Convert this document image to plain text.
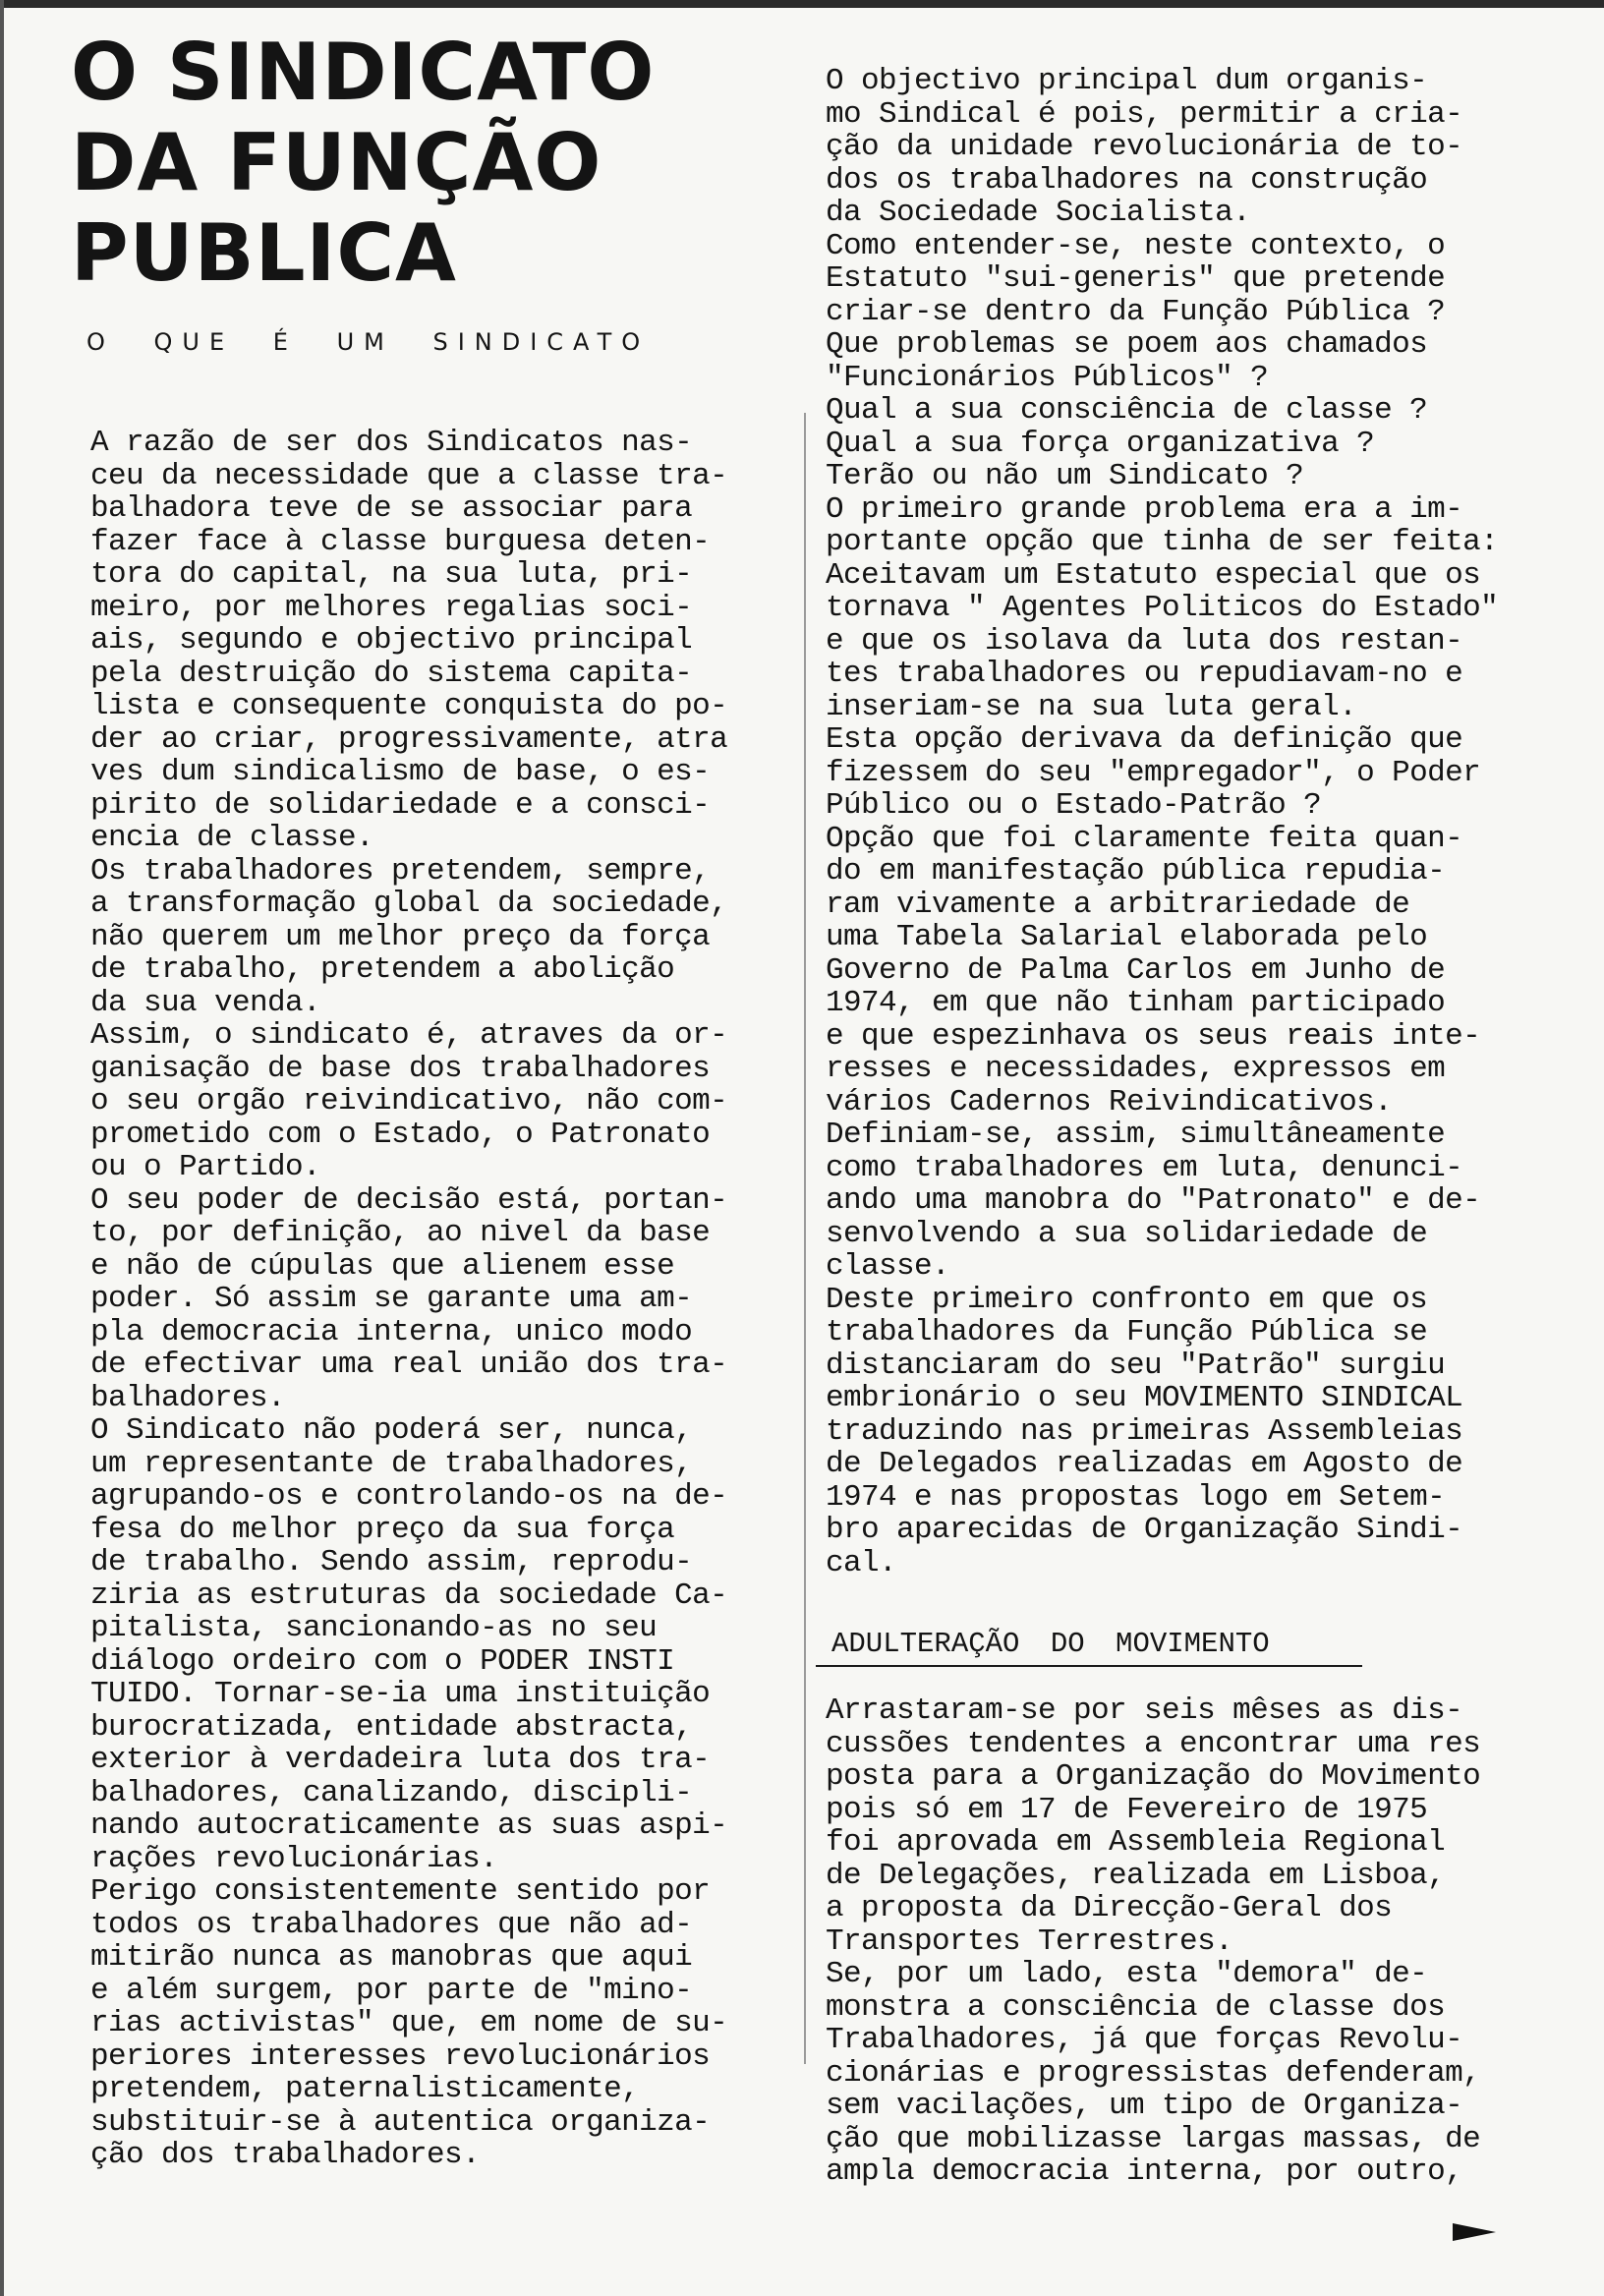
O SINDICATO
DA FUNÇÃO
PUBLICA
O QUE É UM SINDICATO
A razão de ser dos Sindicatos nas-
ceu da necessidade que a classe tra-
balhadora teve de se associar para
fazer face à classe burguesa deten-
tora do capital, na sua luta, pri-
meiro, por melhores regalias soci-
ais, segundo e objectivo principal
pela destruição do sistema capita-
lista e consequente conquista do po-
der ao criar, progressivamente, atra
ves dum sindicalismo de base, o es-
pirito de solidariedade e a consci-
encia de classe.
Os trabalhadores pretendem, sempre,
a transformação global da sociedade,
não querem um melhor preço da força
de trabalho, pretendem a abolição
da sua venda.
Assim, o sindicato é, atraves da or-
ganisação de base dos trabalhadores
o seu orgão reivindicativo, não com-
prometido com o Estado, o Patronato
ou o Partido.
O seu poder de decisão está, portan-
to, por definição, ao nivel da base
e não de cúpulas que alienem esse
poder. Só assim se garante uma am-
pla democracia interna, unico modo
de efectivar uma real união dos tra-
balhadores.
O Sindicato não poderá ser, nunca,
um representante de trabalhadores,
agrupando-os e controlando-os na de-
fesa do melhor preço da sua força
de trabalho. Sendo assim, reprodu-
ziria as estruturas da sociedade Ca-
pitalista, sancionando-as no seu
diálogo ordeiro com o PODER INSTI
TUIDO. Tornar-se-ia uma instituição
burocratizada, entidade abstracta,
exterior à verdadeira luta dos tra-
balhadores, canalizando, discipli-
nando autocraticamente as suas aspi-
rações revolucionárias.
Perigo consistentemente sentido por
todos os trabalhadores que não ad-
mitirão nunca as manobras que aqui
e além surgem, por parte de "mino-
rias activistas" que, em nome de su-
periores interesses revolucionários
pretendem, paternalisticamente,
substituir-se à autentica organiza-
ção dos trabalhadores.
O objectivo principal dum organis-
mo Sindical é pois, permitir a cria-
ção da unidade revolucionária de to-
dos os trabalhadores na construção
da Sociedade Socialista.
Como entender-se, neste contexto, o
Estatuto "sui-generis" que pretende
criar-se dentro da Função Pública ?
Que problemas se poem aos chamados
"Funcionários Públicos" ?
Qual a sua consciência de classe ?
Qual a sua força organizativa ?
Terão ou não um Sindicato ?
O primeiro grande problema era a im-
portante opção que tinha de ser feita:
Aceitavam um Estatuto especial que os
tornava " Agentes Politicos do Estado"
e que os isolava da luta dos restan-
tes trabalhadores ou repudiavam-no e
inseriam-se na sua luta geral.
Esta opção derivava da definição que
fizessem do seu "empregador", o Poder
Público ou o Estado-Patrão ?
Opção que foi claramente feita quan-
do em manifestação pública repudia-
ram vivamente a arbitrariedade de
uma Tabela Salarial elaborada pelo
Governo de Palma Carlos em Junho de
1974, em que não tinham participado
e que espezinhava os seus reais inte-
resses e necessidades, expressos em
vários Cadernos Reivindicativos.
Definiam-se, assim, simultâneamente
como trabalhadores em luta, denunci-
ando uma manobra do "Patronato" e de-
senvolvendo a sua solidariedade de
classe.
Deste primeiro confronto em que os
trabalhadores da Função Pública se
distanciaram do seu "Patrão" surgiu
embrionário o seu MOVIMENTO SINDICAL
traduzindo nas primeiras Assembleias
de Delegados realizadas em Agosto de
1974 e nas propostas logo em Setem-
bro aparecidas de Organização Sindi-
cal.
ADULTERAÇÃO DO MOVIMENTO
Arrastaram-se por seis mêses as dis-
cussões tendentes a encontrar uma res
posta para a Organização do Movimento
pois só em 17 de Fevereiro de 1975
foi aprovada em Assembleia Regional
de Delegações, realizada em Lisboa,
a proposta da Direcção-Geral dos
Transportes Terrestres.
Se, por um lado, esta "demora" de-
monstra a consciência de classe dos
Trabalhadores, já que forças Revolu-
cionárias e progressistas defenderam,
sem vacilações, um tipo de Organiza-
ção que mobilizasse largas massas, de
ampla democracia interna, por outro,
